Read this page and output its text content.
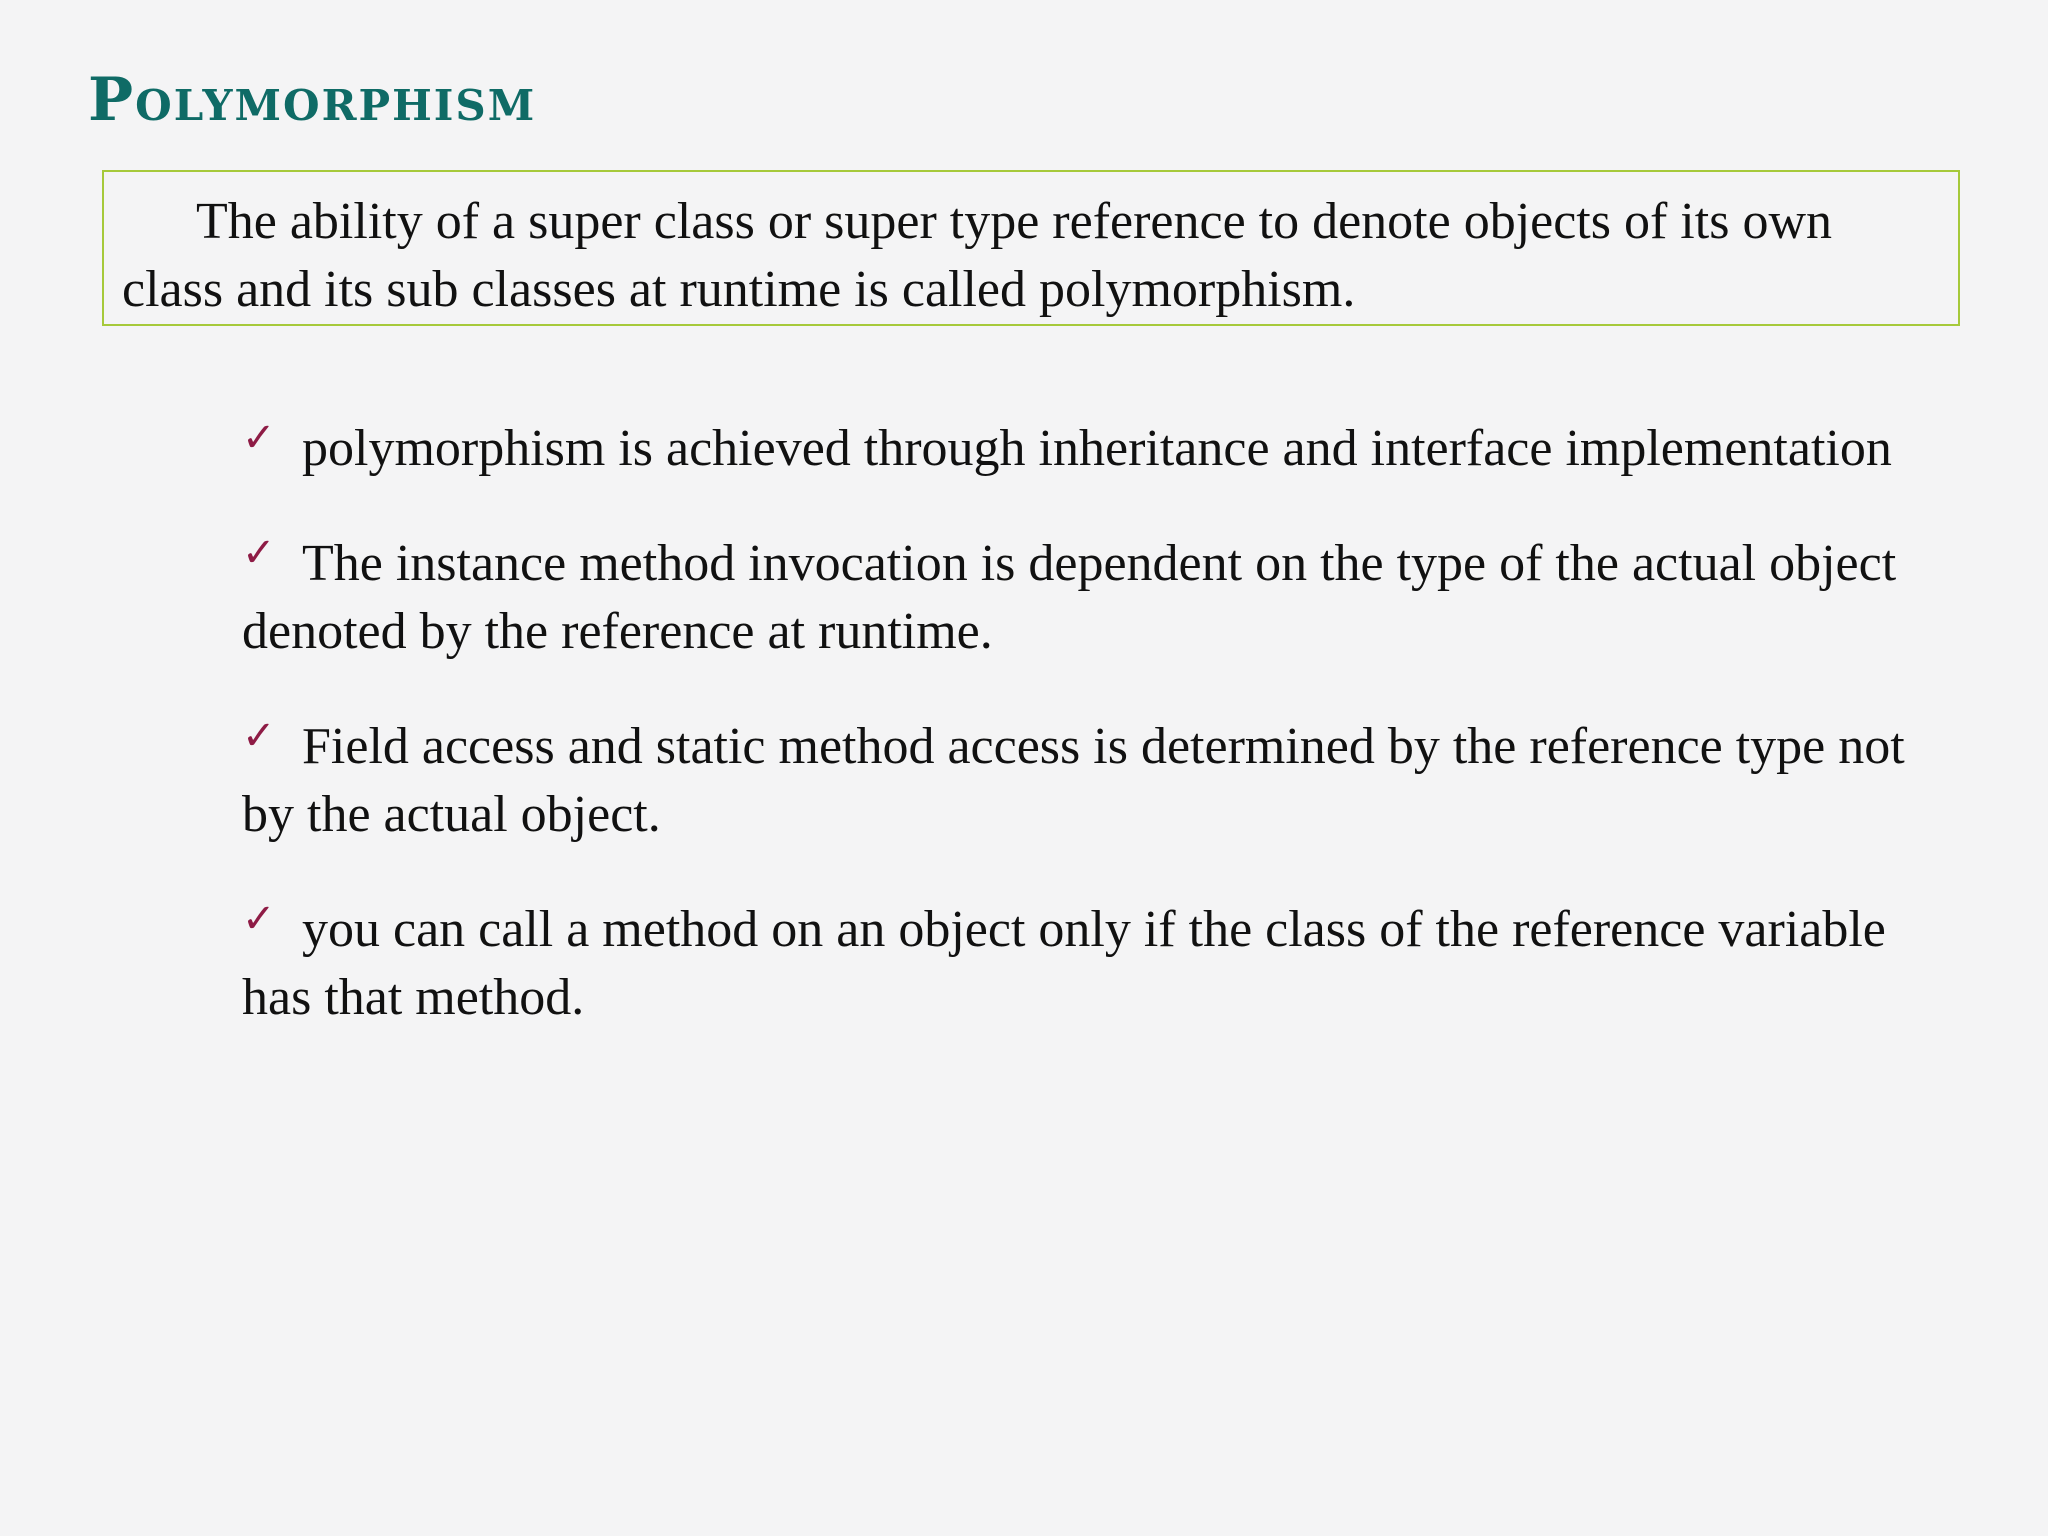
Polymorphism
The ability of a super class or super type reference to denote objects of its own class and its sub classes at runtime is called polymorphism.
✓ polymorphism is achieved through inheritance and interface implementation
✓ The instance method invocation is dependent on the type of the actual object denoted by the reference at runtime.
✓ Field access and static method access is determined by the reference type not by the actual object.
✓ you can call a method on an object only if the class of the reference variable has that method.
